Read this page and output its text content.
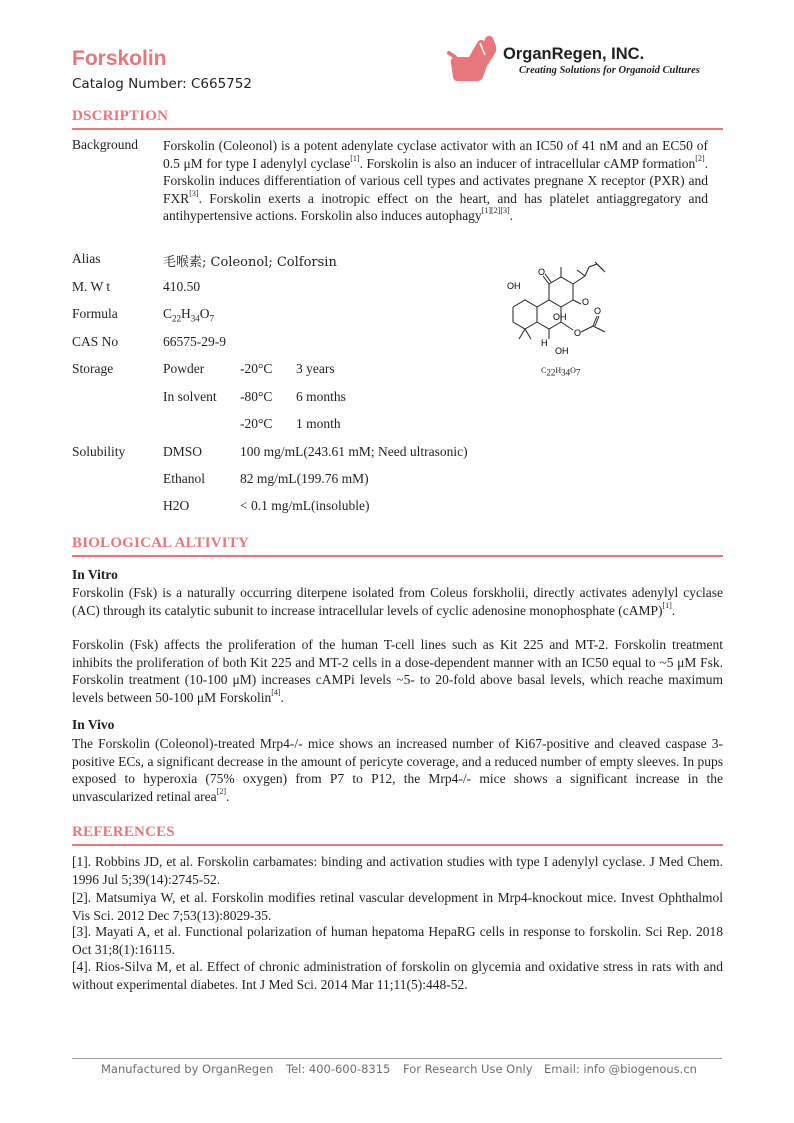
Forskolin
Catalog Number: C665752
OrganRegen, INC.
Creating Solutions for Organoid Cultures
DSCRIPTION
Background Forskolin (Coleonol) is a potent adenylate cyclase activator with an IC50 of 41 nM and an EC50 of 0.5 μM for type I adenylyl cyclase[1]. Forskolin is also an inducer of intracellular cAMP formation[2]. Forskolin induces differentiation of various cell types and activates pregnane X receptor (PXR) and FXR[3]. Forskolin exerts a inotropic effect on the heart, and has platelet antiaggregatory and antihypertensive actions. Forskolin also induces autophagy[1][2][3].
Alias	毛喉素; Coleonol; Colforsin
M. W t	410.50
Formula	$C_{22}H_{34}O_7$
CAS No	66575-29-9
Storage	Powder	-20°C 3 years
In solvent -80°C 6 months
-20°C 1 month
Solubility	DMSO	100 mg/mL(243.61 mM; Need ultrasonic)
Ethanol	82 mg/mL(199.76 mM)
H2O	< 0.1 mg/mL(insoluble)
OH
O
O
OH
O
O
H
OH
$C_{22}H_{34}O_7$
BIOLOGICAL ALTIVITY
In Vitro
Forskolin (Fsk) is a naturally occurring diterpene isolated from Coleus forskholii, directly activates adenylyl cyclase (AC) through its catalytic subunit to increase intracellular levels of cyclic adenosine monophosphate (cAMP)[1].
Forskolin (Fsk) affects the proliferation of the human T-cell lines such as Kit 225 and MT-2. Forskolin treatment inhibits the proliferation of both Kit 225 and MT-2 cells in a dose-dependent manner with an IC50 equal to ~5 μM Fsk. Forskolin treatment (10-100 μM) increases cAMPi levels ~5- to 20-fold above basal levels, which reache maximum levels between 50-100 μM Forskolin[4].
In Vivo
The Forskolin (Coleonol)-treated Mrp4-/- mice shows an increased number of Ki67-positive and cleaved caspase 3-positive ECs, a significant decrease in the amount of pericyte coverage, and a reduced number of empty sleeves. In pups exposed to hyperoxia (75% oxygen) from P7 to P12, the Mrp4-/- mice shows a significant increase in the unvascularized retinal area[2].
REFERENCES
[1]. Robbins JD, et al. Forskolin carbamates: binding and activation studies with type I adenylyl cyclase. J Med Chem. 1996 Jul 5;39(14):2745-52.
[2]. Matsumiya W, et al. Forskolin modifies retinal vascular development in Mrp4-knockout mice. Invest Ophthalmol Vis Sci. 2012 Dec 7;53(13):8029-35.
[3]. Mayati A, et al. Functional polarization of human hepatoma HepaRG cells in response to forskolin. Sci Rep. 2018 Oct 31;8(1):16115.
[4]. Rios-Silva M, et al. Effect of chronic administration of forskolin on glycemia and oxidative stress in rats with and without experimental diabetes. Int J Med Sci. 2014 Mar 11;11(5):448-52.
Manufactured by OrganRegen Tel: 400-600-8315 For Research Use Only Email: info @biogenous.cn
